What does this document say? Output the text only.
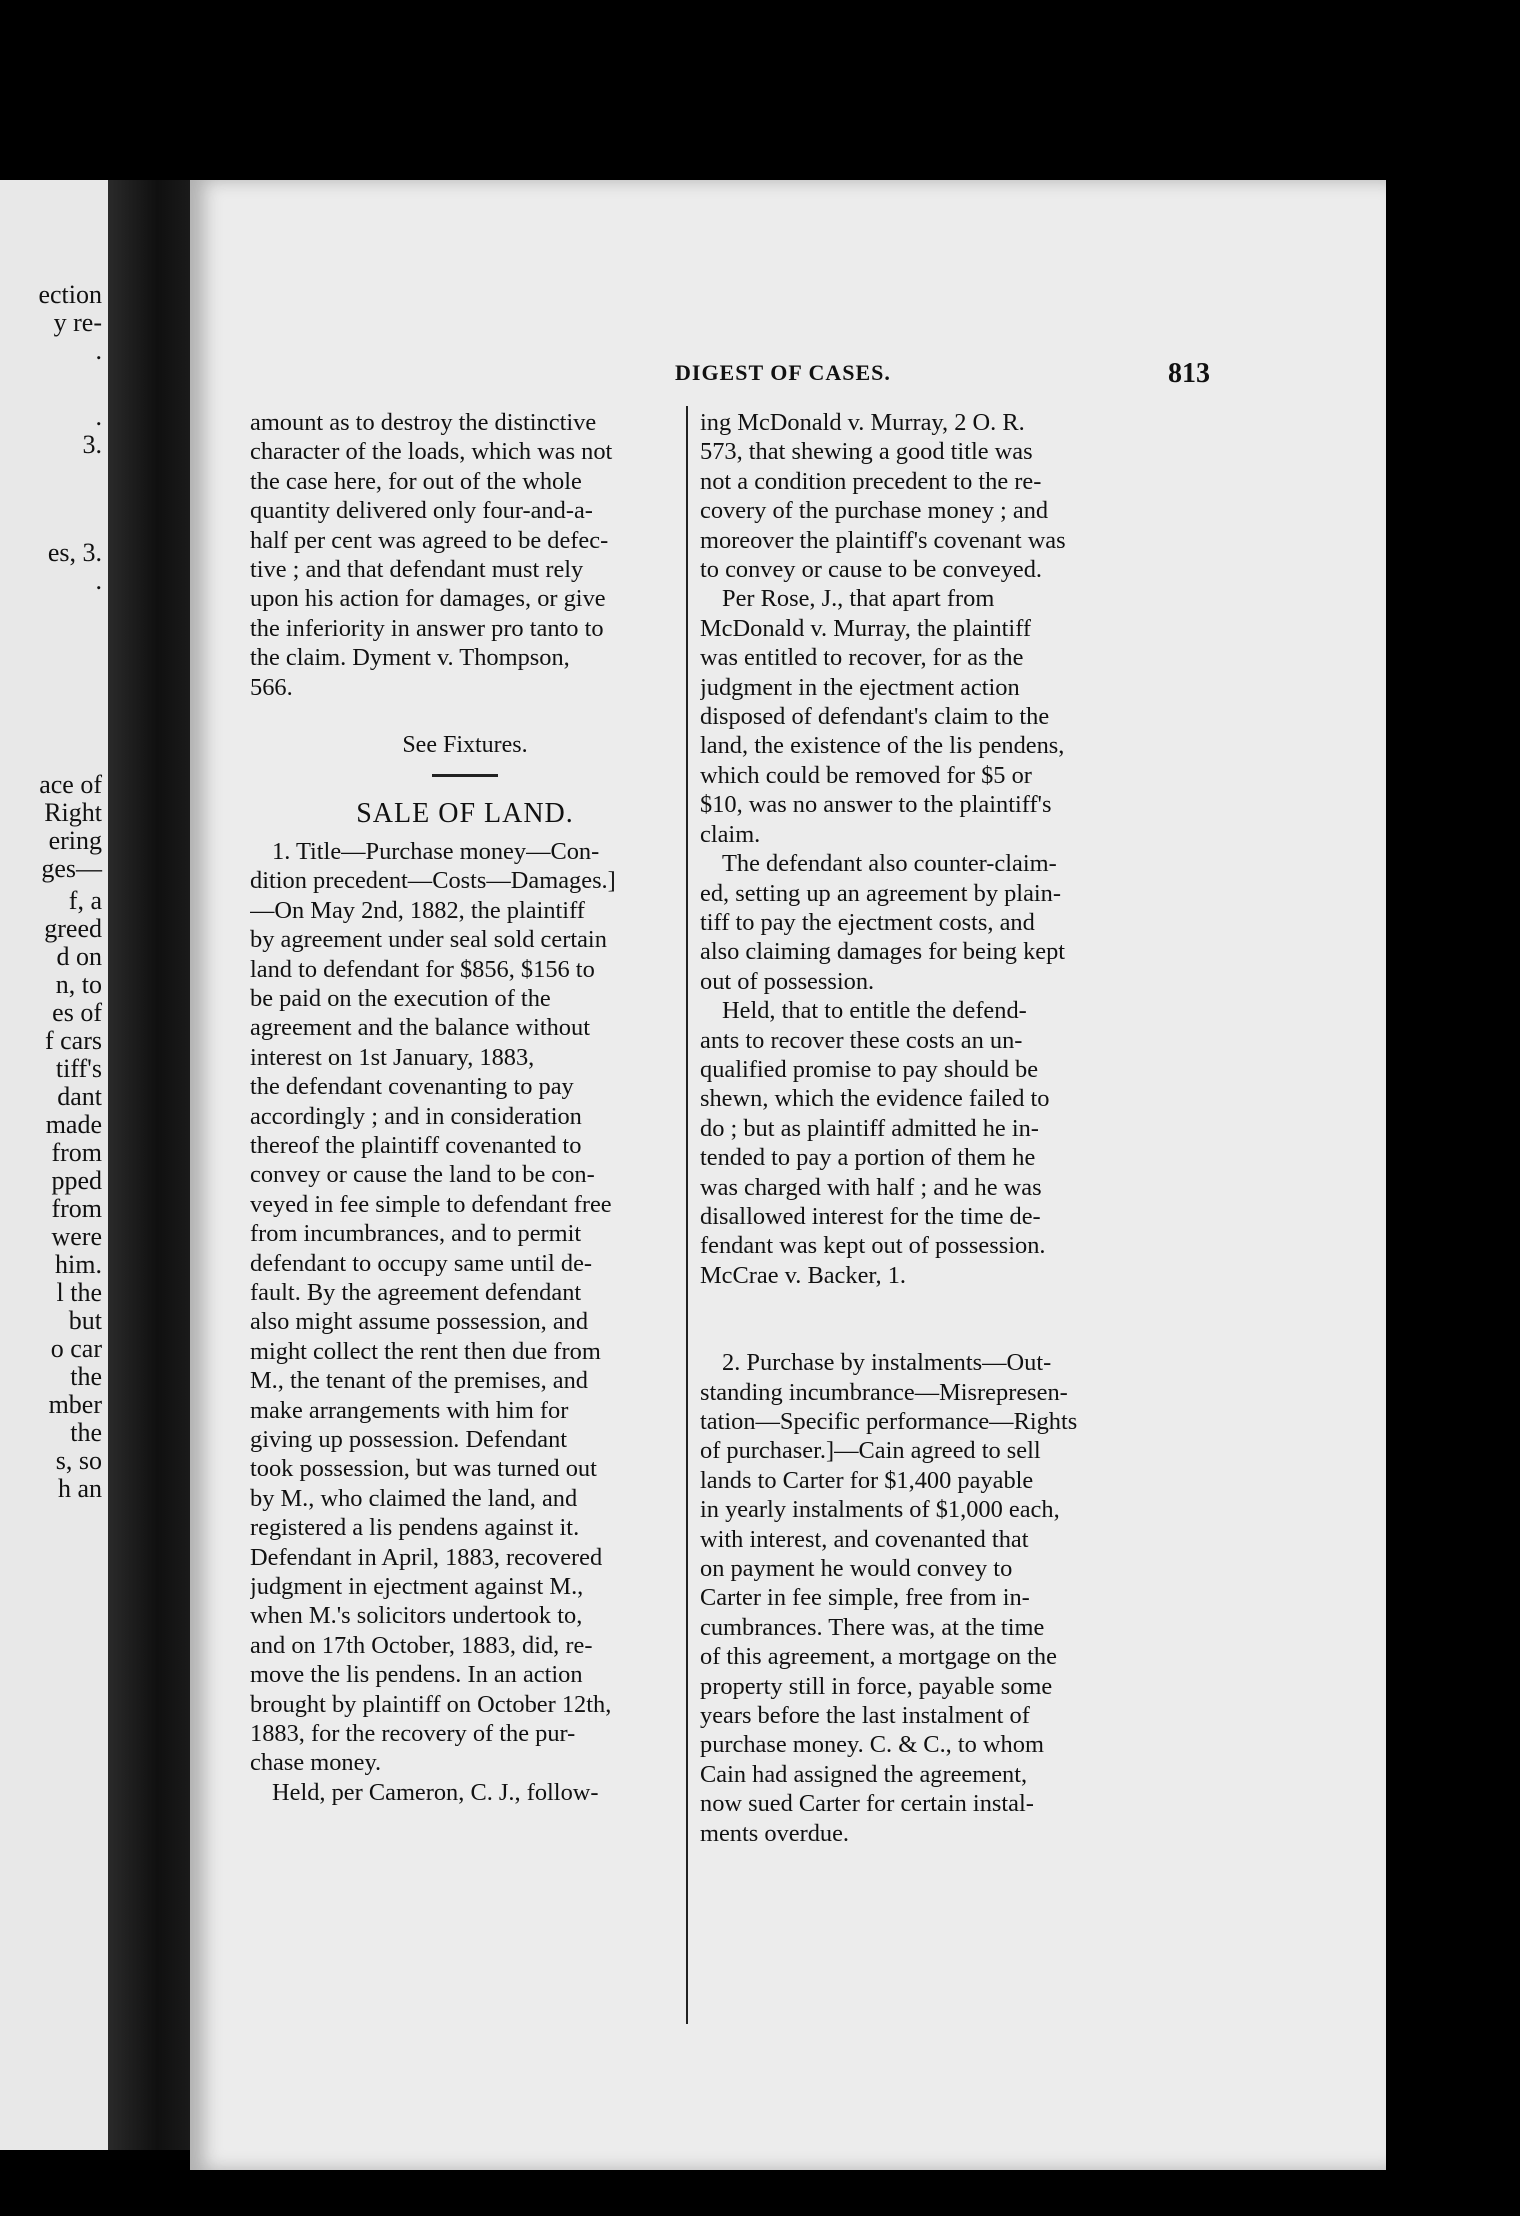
ection
y re-
.
.
3.
es, 3.
.
ace of
Right
ering
ges—
f, a
greed
d on
n, to
es of
f cars
tiff's
dant
made
from
pped
from
were
him.
l the
but
o car
the
mber
the
s, so
h an
DIGEST OF CASES.	813
amount as to destroy the distinctive
character of the loads, which was not
the case here, for out of the whole
quantity delivered only four-and-a-
half per cent was agreed to be defec-
tive ; and that defendant must rely
upon his action for damages, or give
the inferiority in answer pro tanto to
the claim. Dyment v. Thompson,
566.
See Fixtures.
SALE OF LAND.
1. Title—Purchase money—Con-
dition precedent—Costs—Damages.]
—On May 2nd, 1882, the plaintiff
by agreement under seal sold certain
land to defendant for $856, $156 to
be paid on the execution of the
agreement and the balance without
interest on 1st January, 1883,
the defendant covenanting to pay
accordingly ; and in consideration
thereof the plaintiff covenanted to
convey or cause the land to be con-
veyed in fee simple to defendant free
from incumbrances, and to permit
defendant to occupy same until de-
fault. By the agreement defendant
also might assume possession, and
might collect the rent then due from
M., the tenant of the premises, and
make arrangements with him for
giving up possession. Defendant
took possession, but was turned out
by M., who claimed the land, and
registered a lis pendens against it.
Defendant in April, 1883, recovered
judgment in ejectment against M.,
when M.'s solicitors undertook to,
and on 17th October, 1883, did, re-
move the lis pendens. In an action
brought by plaintiff on October 12th,
1883, for the recovery of the pur-
chase money.
Held, per Cameron, C. J., follow-
ing McDonald v. Murray, 2 O. R.
573, that shewing a good title was
not a condition precedent to the re-
covery of the purchase money ; and
moreover the plaintiff's covenant was
to convey or cause to be conveyed.
Per Rose, J., that apart from
McDonald v. Murray, the plaintiff
was entitled to recover, for as the
judgment in the ejectment action
disposed of defendant's claim to the
land, the existence of the lis pendens,
which could be removed for $5 or
$10, was no answer to the plaintiff's
claim.
The defendant also counter-claim-
ed, setting up an agreement by plain-
tiff to pay the ejectment costs, and
also claiming damages for being kept
out of possession.
Held, that to entitle the defend-
ants to recover these costs an un-
qualified promise to pay should be
shewn, which the evidence failed to
do ; but as plaintiff admitted he in-
tended to pay a portion of them he
was charged with half ; and he was
disallowed interest for the time de-
fendant was kept out of possession.
McCrae v. Backer, 1.
2. Purchase by instalments—Out-
standing incumbrance—Misrepresen-
tation—Specific performance—Rights
of purchaser.]—Cain agreed to sell
lands to Carter for $1,400 payable
in yearly instalments of $1,000 each,
with interest, and covenanted that
on payment he would convey to
Carter in fee simple, free from in-
cumbrances. There was, at the time
of this agreement, a mortgage on the
property still in force, payable some
years before the last instalment of
purchase money. C. & C., to whom
Cain had assigned the agreement,
now sued Carter for certain instal-
ments overdue.
